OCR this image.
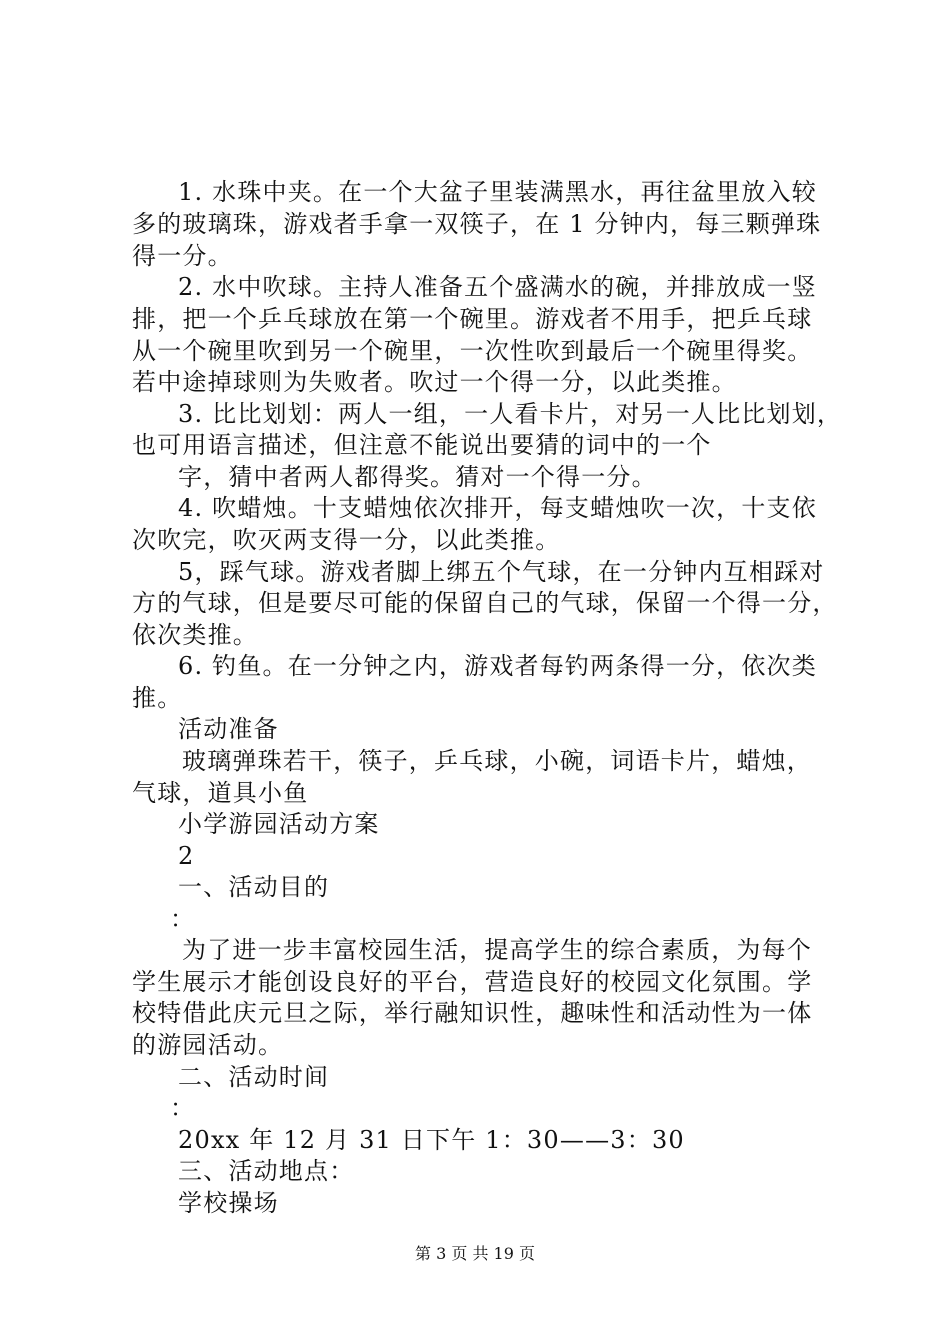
1. 水珠中夹。在一个大盆子里装满黑水，再往盆里放入较
多的玻璃珠，游戏者手拿一双筷子，在 1 分钟内，每三颗弹珠
得一分。
2. 水中吹球。主持人准备五个盛满水的碗，并排放成一竖
排，把一个乒乓球放在第一个碗里。游戏者不用手，把乒乓球
从一个碗里吹到另一个碗里，一次性吹到最后一个碗里得奖。
若中途掉球则为失败者。吹过一个得一分，以此类推。
3. 比比划划：两人一组，一人看卡片，对另一人比比划划，
也可用语言描述，但注意不能说出要猜的词中的一个
字，猜中者两人都得奖。猜对一个得一分。
4. 吹蜡烛。十支蜡烛依次排开，每支蜡烛吹一次，十支依
次吹完，吹灭两支得一分，以此类推。
5，踩气球。游戏者脚上绑五个气球，在一分钟内互相踩对
方的气球，但是要尽可能的保留自己的气球，保留一个得一分，
依次类推。
6. 钓鱼。在一分钟之内，游戏者每钓两条得一分，依次类
推。
活动准备
玻璃弹珠若干，筷子，乒乓球，小碗，词语卡片，蜡烛，
气球，道具小鱼
小学游园活动方案
2
一、活动目的
：
为了进一步丰富校园生活，提高学生的综合素质，为每个
学生展示才能创设良好的平台，营造良好的校园文化氛围。学
校特借此庆元旦之际，举行融知识性，趣味性和活动性为一体
的游园活动。
二、活动时间
：
20xx 年 12 月 31 日下午 1：30——3：30
三、活动地点：
学校操场
第 3 页 共 19 页
